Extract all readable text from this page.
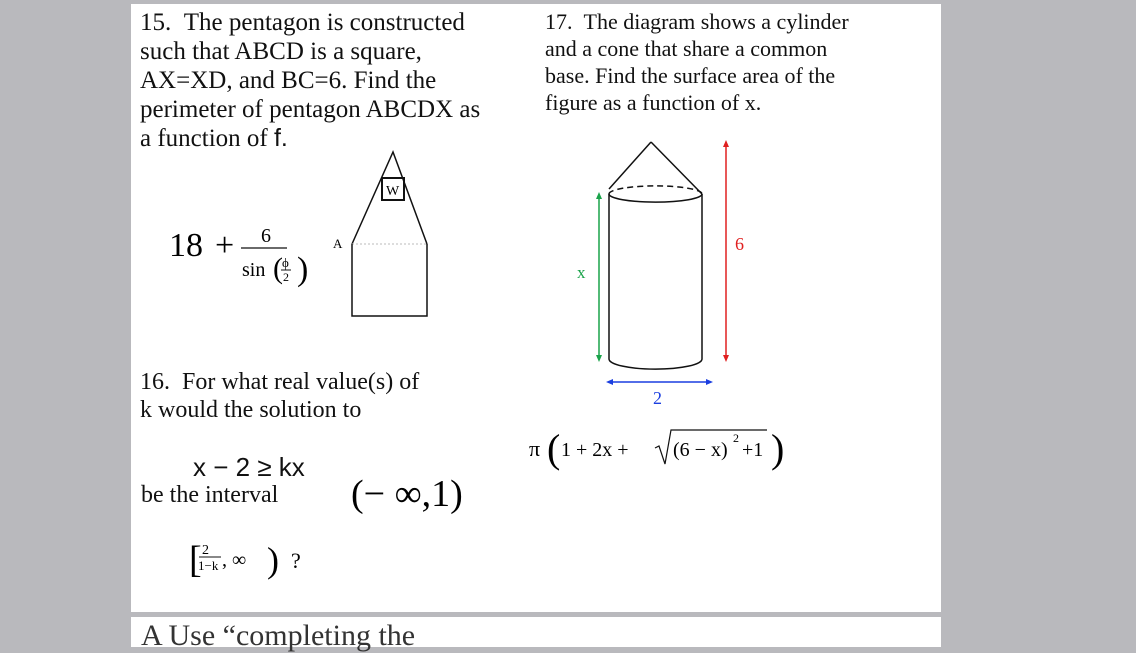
15. The pentagon is constructed
such that ABCD is a square,
AX=XD, and BC=6. Find the
perimeter of pentagon ABCDX as
a function of f.
18 + 6
sin ( ϕ
2 )
W
A
16. For what real value(s) of
k would the solution to
x − 2 ≥ kx
be the interval (− ∞,1)
[ 2
1−k , ∞ ) ?
17. The diagram shows a cylinder
and a cone that share a common
base. Find the surface area of the
figure as a function of x.
x
6
2
π ( 1 + 2x + (6 − x)
2
+1 )
A Use “completing the
